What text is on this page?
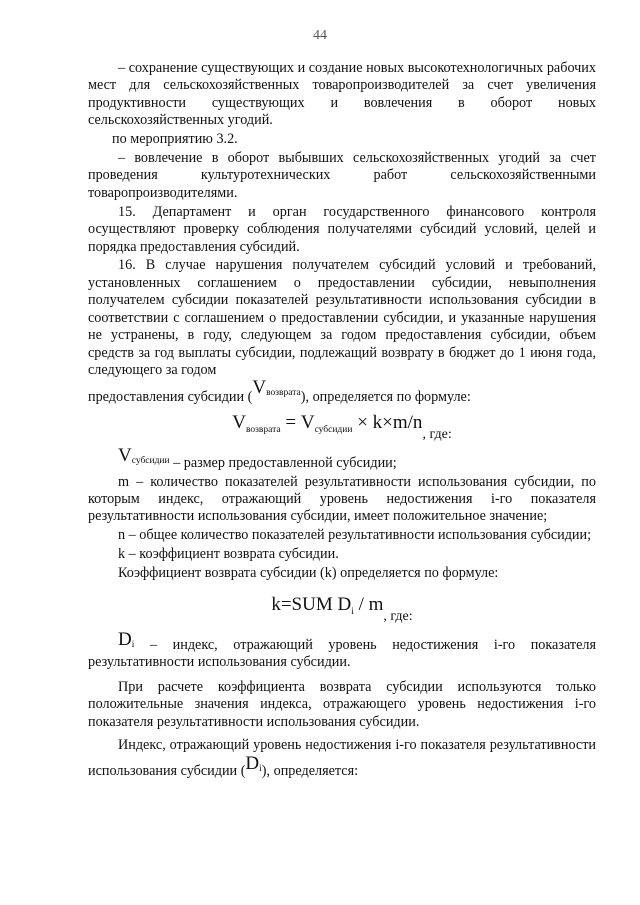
44

– сохранение существующих и создание новых высокотехнологичных рабочих мест для сельскохозяйственных товаропроизводителей за счет увеличения продуктивности существующих и вовлечения в оборот новых сельскохозяйственных угодий.

по мероприятию 3.2.

– вовлечение в оборот выбывших сельскохозяйственных угодий за счет проведения культуротехнических работ сельскохозяйственными товаропроизводителями.

15. Департамент и орган государственного финансового контроля осуществляют проверку соблюдения получателями субсидий условий, целей и порядка предоставления субсидий.

16. В случае нарушения получателем субсидий условий и требований, установленных соглашением о предоставлении субсидии, невыполнения получателем субсидии показателей результативности использования субсидии в соответствии с соглашением о предоставлении субсидии, и указанные нарушения не устранены, в году, следующем за годом предоставления субсидии, объем средств за год выплаты субсидии, подлежащий возврату в бюджет до 1 июня года, следующего за годом

предоставления субсидии $(V^{возврата})$, определяется по формуле:

$V_{возврата} = V_{субсидии} \times k\times m/n_{, где:}$

$V^{субсидии}$ – размер предоставленной субсидии;

m – количество показателей результативности использования субсидии, по которым индекс, отражающий уровень недостижения i-го показателя результативности использования субсидии, имеет положительное значение;

n – общее количество показателей результативности использования субсидии;

k – коэффициент возврата субсидии.

Коэффициент возврата субсидии (k) определяется по формуле:

k=SUM $D_i / m_{, где:}$

$D^i$ – индекс, отражающий уровень недостижения i-го показателя результативности использования субсидии.

При расчете коэффициента возврата субсидии используются только положительные значения индекса, отражающего уровень недостижения i-го показателя результативности использования субсидии.

Индекс, отражающий уровень недостижения i-го показателя результативности использования субсидии $(D^i)$, определяется:
